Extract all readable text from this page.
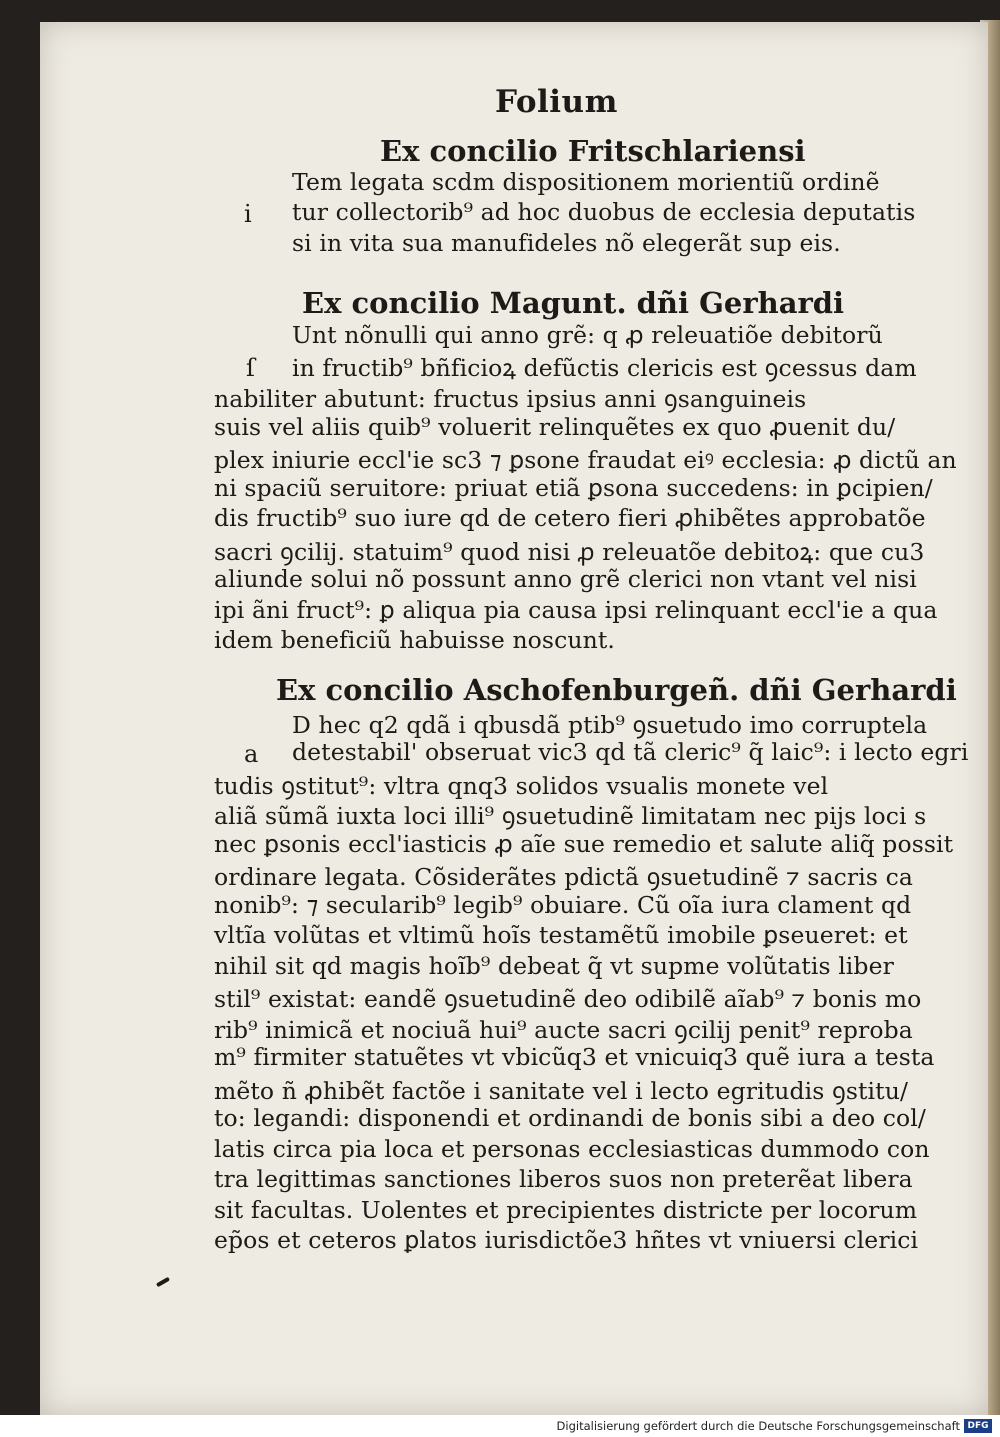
Folium
Ex concilio Fritschlariensi
i
Tem legata scdm dispositionem morientiũ ordinẽ
tur collectorib⁹ ad hoc duobus de ecclesia deputatis
si in vita sua manufideles nõ elegerãt sup eis.
Ex concilio Magunt. dñi Gerhardi
ſ
Unt nõnulli qui anno grẽ: q ꝓ releuatiõe debitorũ
in fructib⁹ bñficioꝝ defũctis clericis est ꝯcessus dam
nabiliter abutunt: fructus ipsius anni ꝯsanguineis
suis vel aliis quib⁹ voluerit relinquẽtes ex quo ꝓuenit du/
plex iniurie eccl'ie sc3 ⁊ ꝑsone fraudat eiꝰ ecclesia: ꝓ dictũ an
ni spaciũ seruitore: priuat etiã ꝑsona succedens: in ꝑcipien/
dis fructib⁹ suo iure qd de cetero fieri ꝓhibẽtes approbatõe
sacri ꝯcilij. statuim⁹ quod nisi ꝓ releuatõe debitoꝝ: que cu3
aliunde solui nõ possunt anno grẽ clerici non vtant vel nisi
ipi ãni fruct⁹: ꝑ aliqua pia causa ipsi relinquant eccl'ie a qua
idem beneficiũ habuisse noscunt.
Ex concilio Aschofenburgeñ. dñi Gerhardi
a
D hec q2 qdã i qbusdã ptib⁹ ꝯsuetudo imo corruptela
detestabil' obseruat vic3 qd tã cleric⁹ q̃ laic⁹: i lecto egri
tudis ꝯstitut⁹: vltra qnq3 solidos vsualis monete vel
aliã sũmã iuxta loci illi⁹ ꝯsuetudinẽ limitatam nec pijs loci s
nec ꝑsonis eccl'iasticis ꝓ aĩe sue remedio et salute aliq̃ possit
ordinare legata. Cõsiderãtes pdictã ꝯsuetudinẽ ⁊ sacris ca
nonib⁹: ⁊ secularib⁹ legib⁹ obuiare. Cũ oĩa iura clament qd
vltĩa volũtas et vltimũ hoĩs testamẽtũ imobile ꝑseueret: et
nihil sit qd magis hoĩb⁹ debeat q̃ vt supme volũtatis liber
stil⁹ existat: eandẽ ꝯsuetudinẽ deo odibilẽ aĩab⁹ ⁊ bonis mo
rib⁹ inimicã et nociuã hui⁹ aucte sacri ꝯcilij penit⁹ reproba
m⁹ firmiter statuẽtes vt vbicũq3 et vnicuiq3 quẽ iura a testa
mẽto ñ ꝓhibẽt factõe i sanitate vel i lecto egritudis ꝯstitu/
to: legandi: disponendi et ordinandi de bonis sibi a deo col/
latis circa pia loca et personas ecclesiasticas dummodo con
tra legittimas sanctiones liberos suos non preterẽat libera
sit facultas. Uolentes et precipientes districte per locorum
ep̃os et ceteros ꝑlatos iurisdictõe3 hñtes vt vniuersi clerici
Digitalisierung gefördert durch die Deutsche Forschungsgemeinschaft DFG
